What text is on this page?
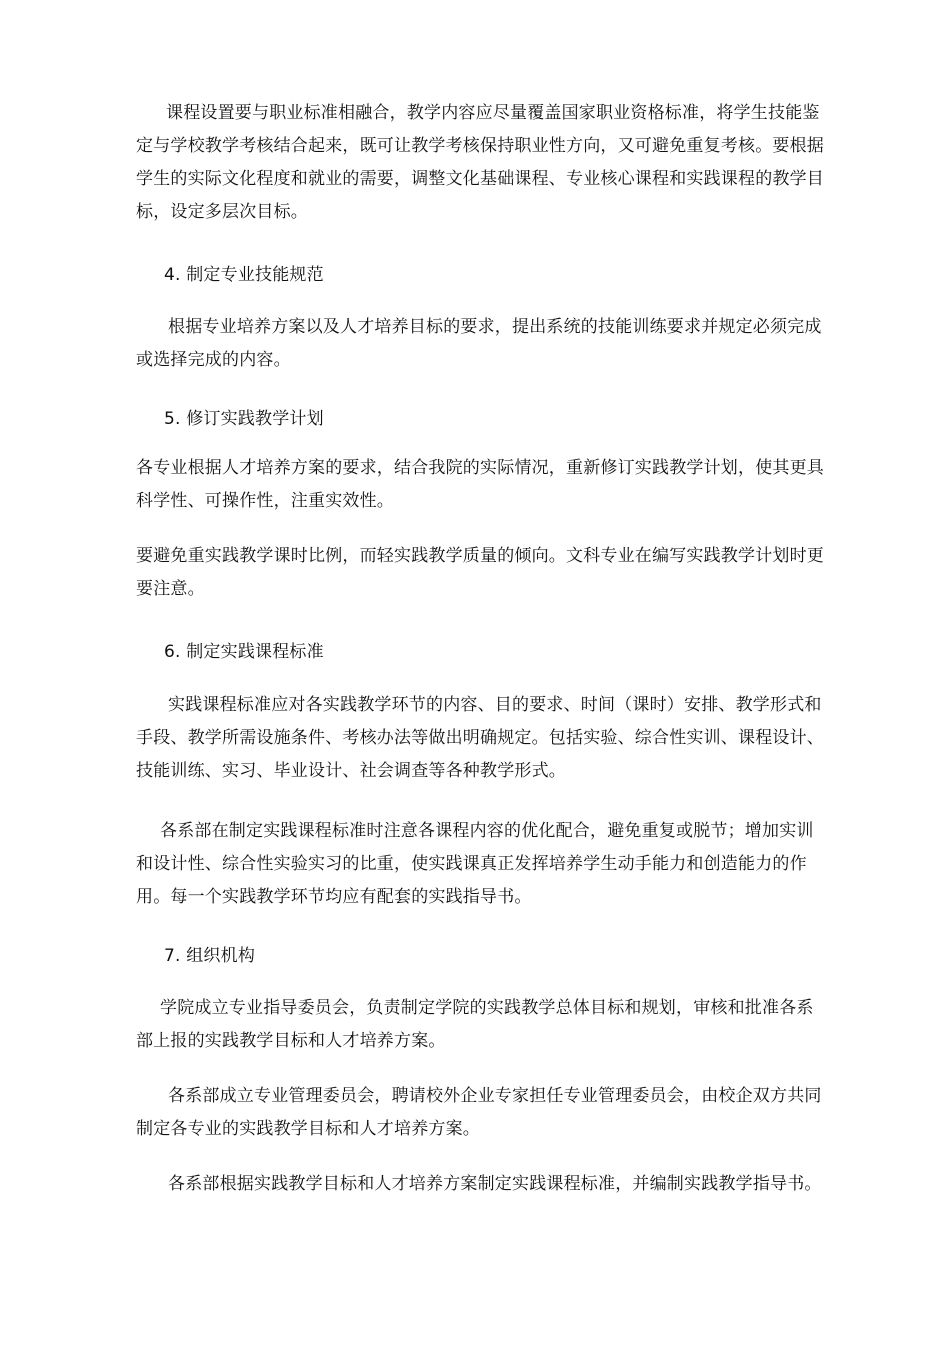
课程设置要与职业标准相融合，教学内容应尽量覆盖国家职业资格标准，将学生技能鉴定与学校教学考核结合起来，既可让教学考核保持职业性方向，又可避免重复考核。要根据学生的实际文化程度和就业的需要，调整文化基础课程、专业核心课程和实践课程的教学目标，设定多层次目标。

4. 制定专业技能规范

根据专业培养方案以及人才培养目标的要求，提出系统的技能训练要求并规定必须完成或选择完成的内容。

5. 修订实践教学计划

各专业根据人才培养方案的要求，结合我院的实际情况，重新修订实践教学计划，使其更具科学性、可操作性，注重实效性。

要避免重实践教学课时比例，而轻实践教学质量的倾向。文科专业在编写实践教学计划时更要注意。

6. 制定实践课程标准

实践课程标准应对各实践教学环节的内容、目的要求、时间（课时）安排、教学形式和手段、教学所需设施条件、考核办法等做出明确规定。包括实验、综合性实训、课程设计、技能训练、实习、毕业设计、社会调查等各种教学形式。

各系部在制定实践课程标准时注意各课程内容的优化配合，避免重复或脱节；增加实训和设计性、综合性实验实习的比重，使实践课真正发挥培养学生动手能力和创造能力的作用。每一个实践教学环节均应有配套的实践指导书。

7. 组织机构

学院成立专业指导委员会，负责制定学院的实践教学总体目标和规划，审核和批准各系部上报的实践教学目标和人才培养方案。

各系部成立专业管理委员会，聘请校外企业专家担任专业管理委员会，由校企双方共同制定各专业的实践教学目标和人才培养方案。

各系部根据实践教学目标和人才培养方案制定实践课程标准，并编制实践教学指导书。
